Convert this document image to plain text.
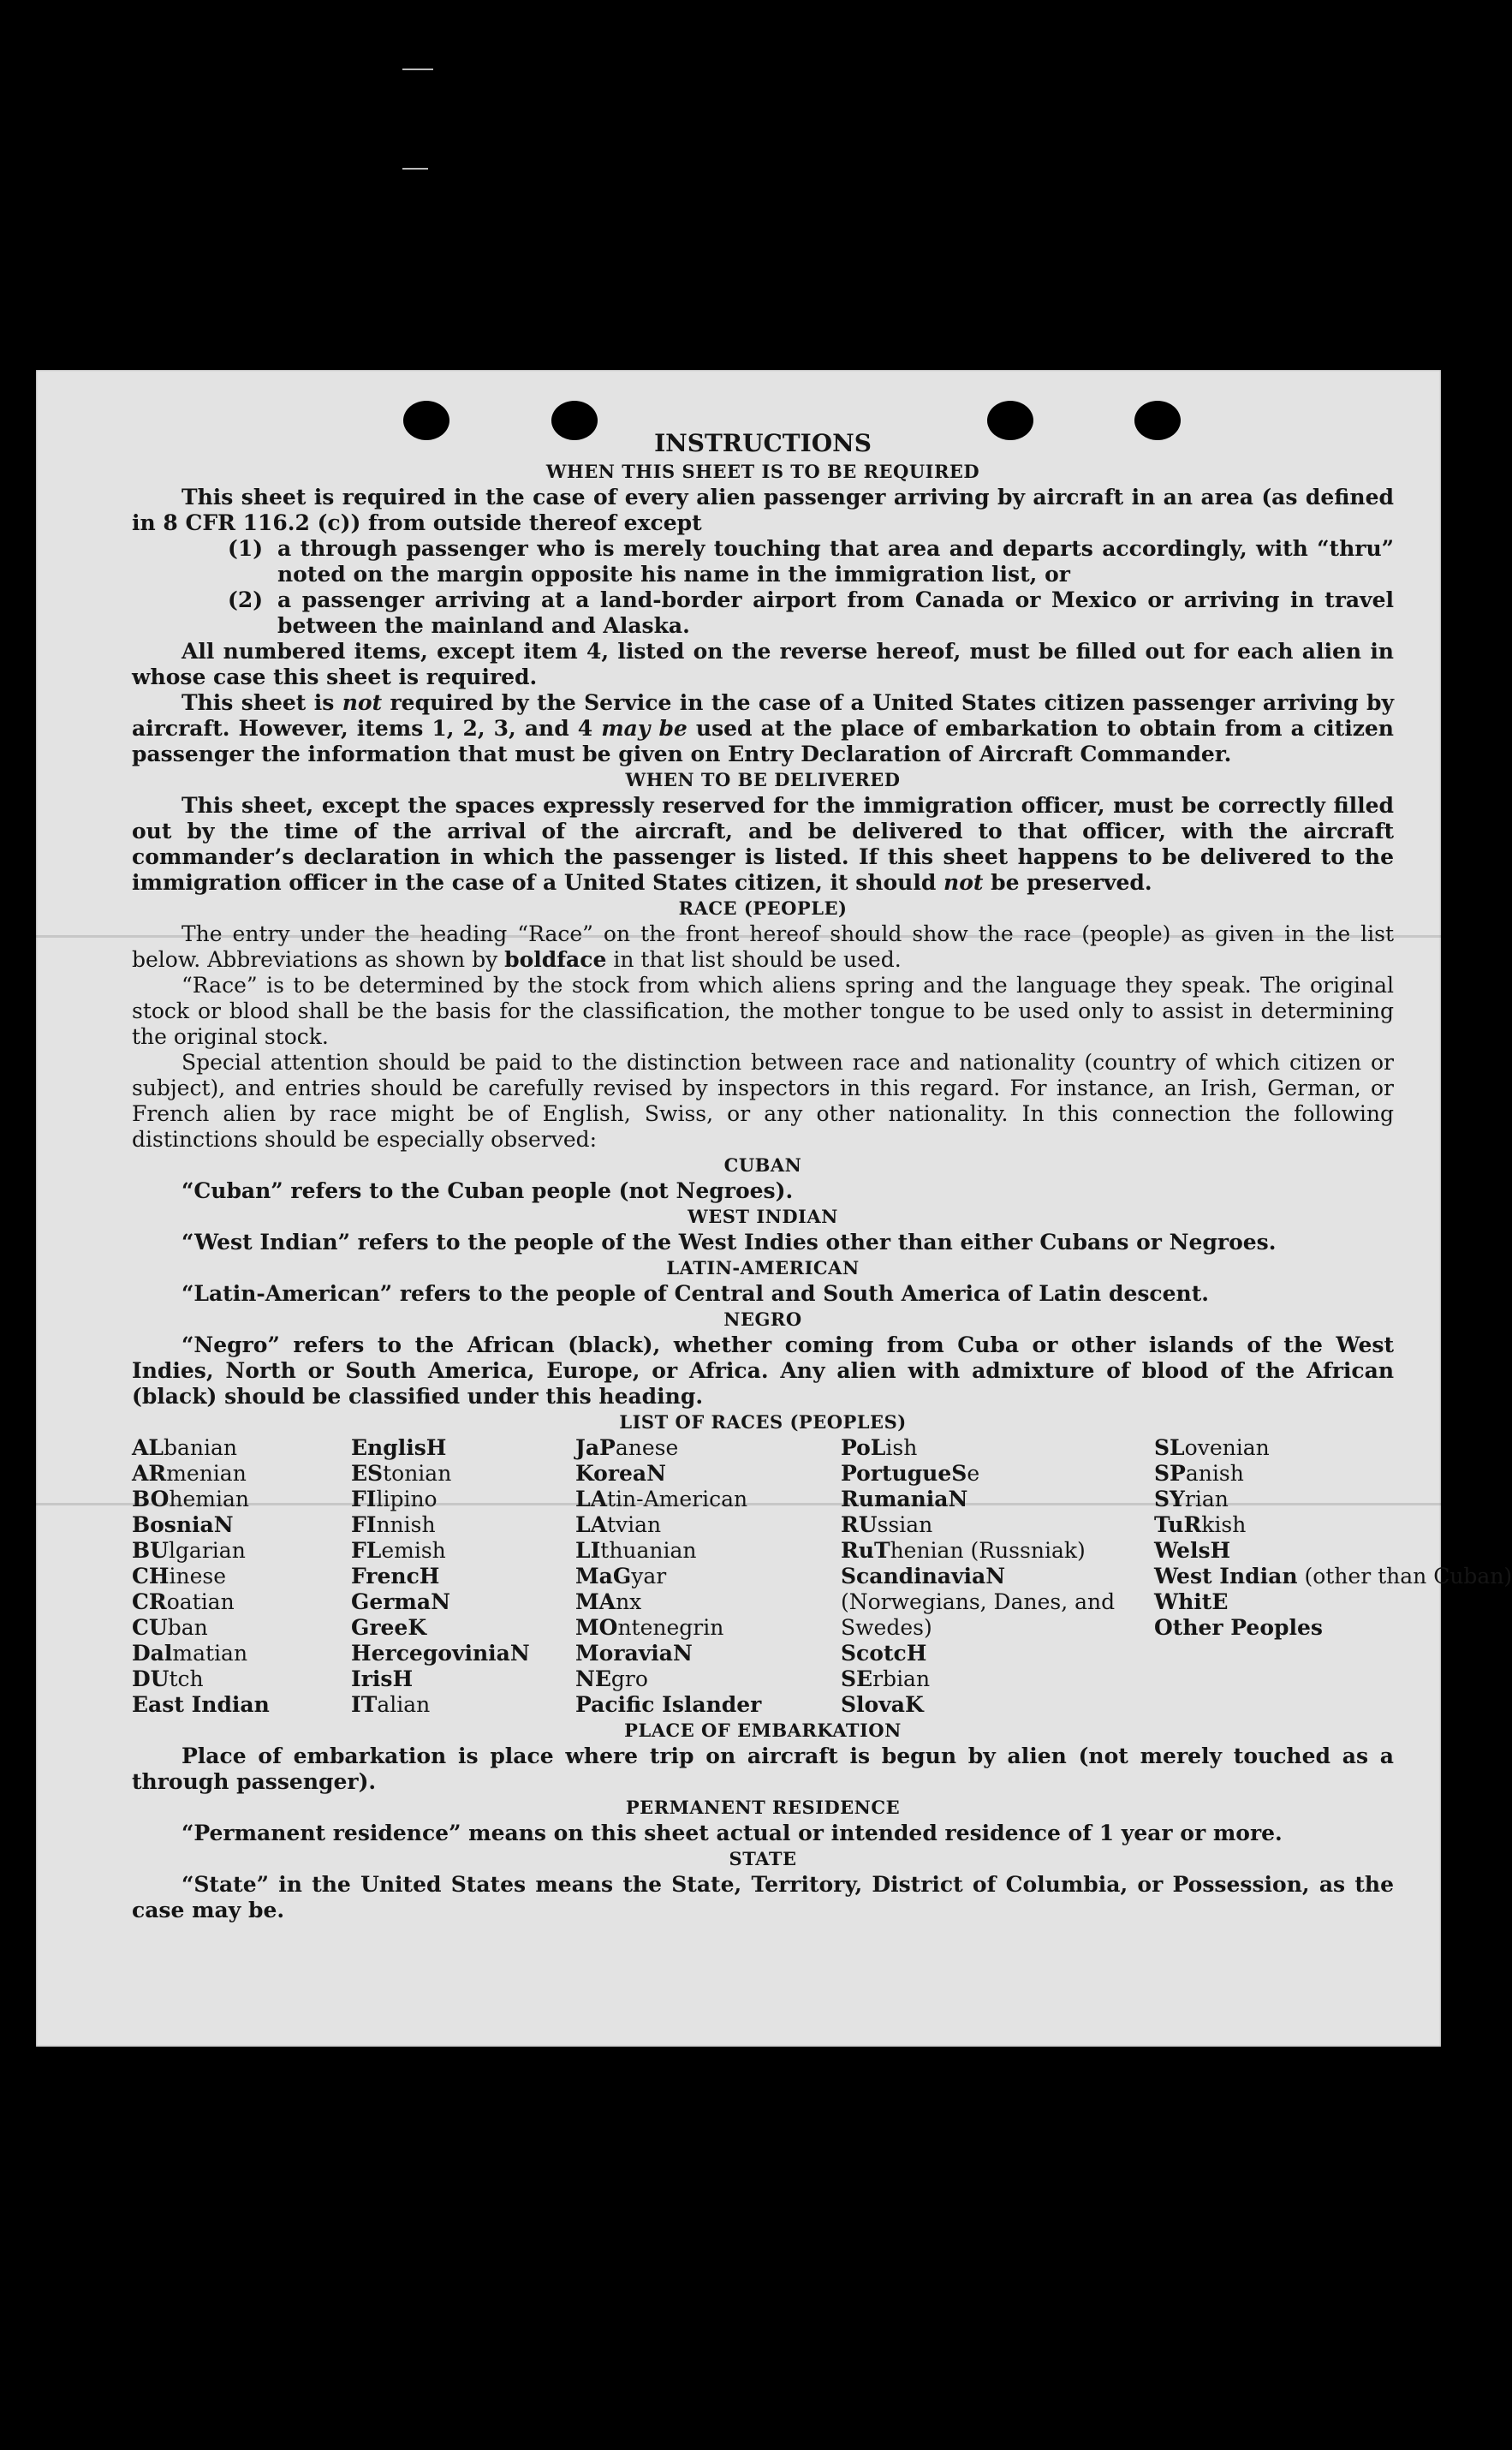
INSTRUCTIONS
WHEN THIS SHEET IS TO BE REQUIRED

This sheet is required in the case of every alien passenger arriving by aircraft in an area (as defined in 8 CFR 116.2 (c)) from outside thereof except

(1) a through passenger who is merely touching that area and departs accordingly, with “thru” noted on the margin opposite his name in the immigration list, or
(2) a passenger arriving at a land-border airport from Canada or Mexico or arriving in travel between the mainland and Alaska.

All numbered items, except item 4, listed on the reverse hereof, must be filled out for each alien in whose case this sheet is required.

This sheet is not required by the Service in the case of a United States citizen passenger arriving by aircraft. However, items 1, 2, 3, and 4 may be used at the place of embarkation to obtain from a citizen passenger the information that must be given on Entry Declaration of Aircraft Commander.

WHEN TO BE DELIVERED

This sheet, except the spaces expressly reserved for the immigration officer, must be correctly filled out by the time of the arrival of the aircraft, and be delivered to that officer, with the aircraft commander’s declaration in which the passenger is listed. If this sheet happens to be delivered to the immigration officer in the case of a United States citizen, it should not be preserved.

RACE (PEOPLE)

The entry under the heading “Race” on the front hereof should show the race (people) as given in the list below. Abbreviations as shown by boldface in that list should be used.

“Race” is to be determined by the stock from which aliens spring and the language they speak. The original stock or blood shall be the basis for the classification, the mother tongue to be used only to assist in determining the original stock.

Special attention should be paid to the distinction between race and nationality (country of which citizen or subject), and entries should be carefully revised by inspectors in this regard. For instance, an Irish, German, or French alien by race might be of English, Swiss, or any other nationality. In this connection the following distinctions should be especially observed:

CUBAN

“Cuban” refers to the Cuban people (not Negroes).

WEST INDIAN

“West Indian” refers to the people of the West Indies other than either Cubans or Negroes.

LATIN-AMERICAN

“Latin-American” refers to the people of Central and South America of Latin descent.

NEGRO

“Negro” refers to the African (black), whether coming from Cuba or other islands of the West Indies, North or South America, Europe, or Africa. Any alien with admixture of blood of the African (black) should be classified under this heading.

LIST OF RACES (PEOPLES)
ALbanian
ARmenian
BOhemian
BosniaN
BUlgarian
CHinese
CRoatian
CUban
Dalmatian
DUtch
East Indian
EnglisH
EStonian
FIlipino
FInnish
FLemish
FrencH
GermaN
GreeK
HercegoviniaN
IrisH
ITalian
JaPanese
KoreaN
LAtin-American
LAtvian
LIthuanian
MaGyar
MAnx
MOntenegrin
MoraviaN
NEgro
Pacific Islander
PoLish
PortugueSe
RumaniaN
RUssian
RuThenian (Russniak)
ScandinaviaN (Norwegians, Danes, and Swedes)
ScotcH
SErbian
SlovaK
SLovenian
SPanish
SYrian
TuRkish
WelsH
West Indian (other than Cuban)
WhitE
Other Peoples
PLACE OF EMBARKATION

Place of embarkation is place where trip on aircraft is begun by alien (not merely touched as a through passenger).

PERMANENT RESIDENCE

“Permanent residence” means on this sheet actual or intended residence of 1 year or more.

STATE

“State” in the United States means the State, Territory, District of Columbia, or Possession, as the case may be.
